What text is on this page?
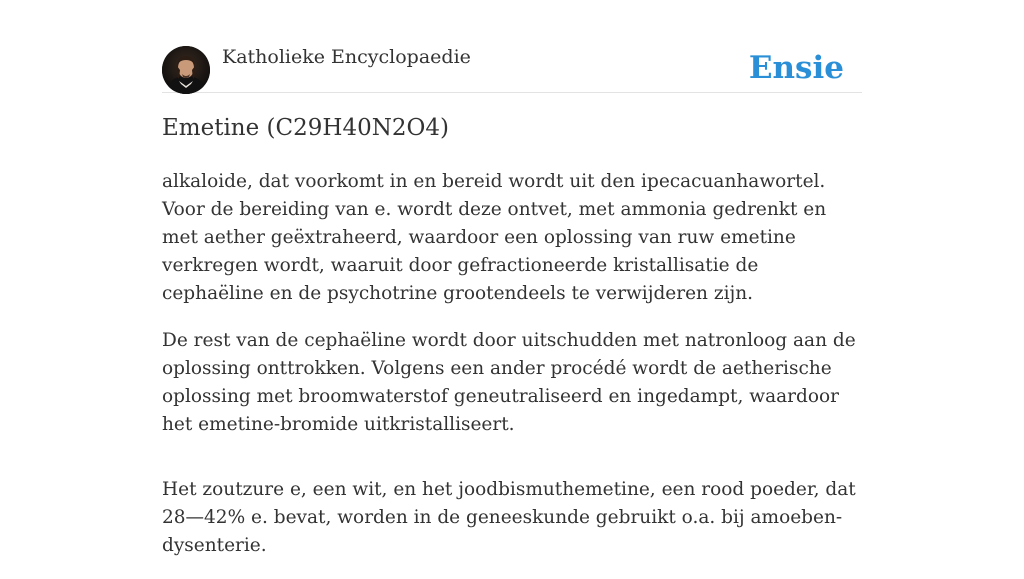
Katholieke Encyclopaedie	Ensie
Emetine (C29H40N2O4)

alkaloide, dat voorkomt in en bereid wordt uit den ipecacuanhawortel. Voor de bereiding van e. wordt deze ontvet, met ammonia gedrenkt en met aether geëxtraheerd, waardoor een oplossing van ruw emetine verkregen wordt, waaruit door gefractioneerde kristallisatie de cephaëline en de psychotrine grootendeels te verwijderen zijn.

De rest van de cephaëline wordt door uitschudden met natronloog aan de oplossing onttrokken. Volgens een ander procédé wordt de aetherische oplossing met broomwaterstof geneutraliseerd en ingedampt, waardoor het emetine-bromide uitkristalliseert.

Het zoutzure e, een wit, en het joodbismuthemetine, een rood poeder, dat 28—42% e. bevat, worden in de geneeskunde gebruikt o.a. bij amoeben-dysenterie.
